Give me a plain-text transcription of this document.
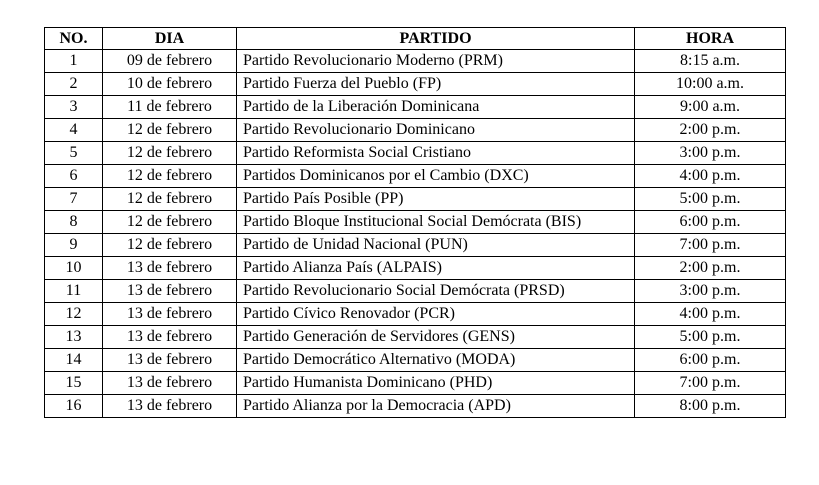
NO.	DIA	PARTIDO	HORA
1	09 de febrero	Partido Revolucionario Moderno (PRM)	8:15 a.m.
2	10 de febrero	Partido Fuerza del Pueblo (FP)	10:00 a.m.
3	11 de febrero	Partido de la Liberación Dominicana	9:00 a.m.
4	12 de febrero	Partido Revolucionario Dominicano	2:00 p.m.
5	12 de febrero	Partido Reformista Social Cristiano	3:00 p.m.
6	12 de febrero	Partidos Dominicanos por el Cambio (DXC)	4:00 p.m.
7	12 de febrero	Partido País Posible (PP)	5:00 p.m.
8	12 de febrero	Partido Bloque Institucional Social Demócrata (BIS)	6:00 p.m.
9	12 de febrero	Partido de Unidad Nacional (PUN)	7:00 p.m.
10	13 de febrero	Partido Alianza País (ALPAIS)	2:00 p.m.
11	13 de febrero	Partido Revolucionario Social Demócrata (PRSD)	3:00 p.m.
12	13 de febrero	Partido Cívico Renovador (PCR)	4:00 p.m.
13	13 de febrero	Partido Generación de Servidores (GENS)	5:00 p.m.
14	13 de febrero	Partido Democrático Alternativo (MODA)	6:00 p.m.
15	13 de febrero	Partido Humanista Dominicano (PHD)	7:00 p.m.
16	13 de febrero	Partido Alianza por la Democracia (APD)	8:00 p.m.
